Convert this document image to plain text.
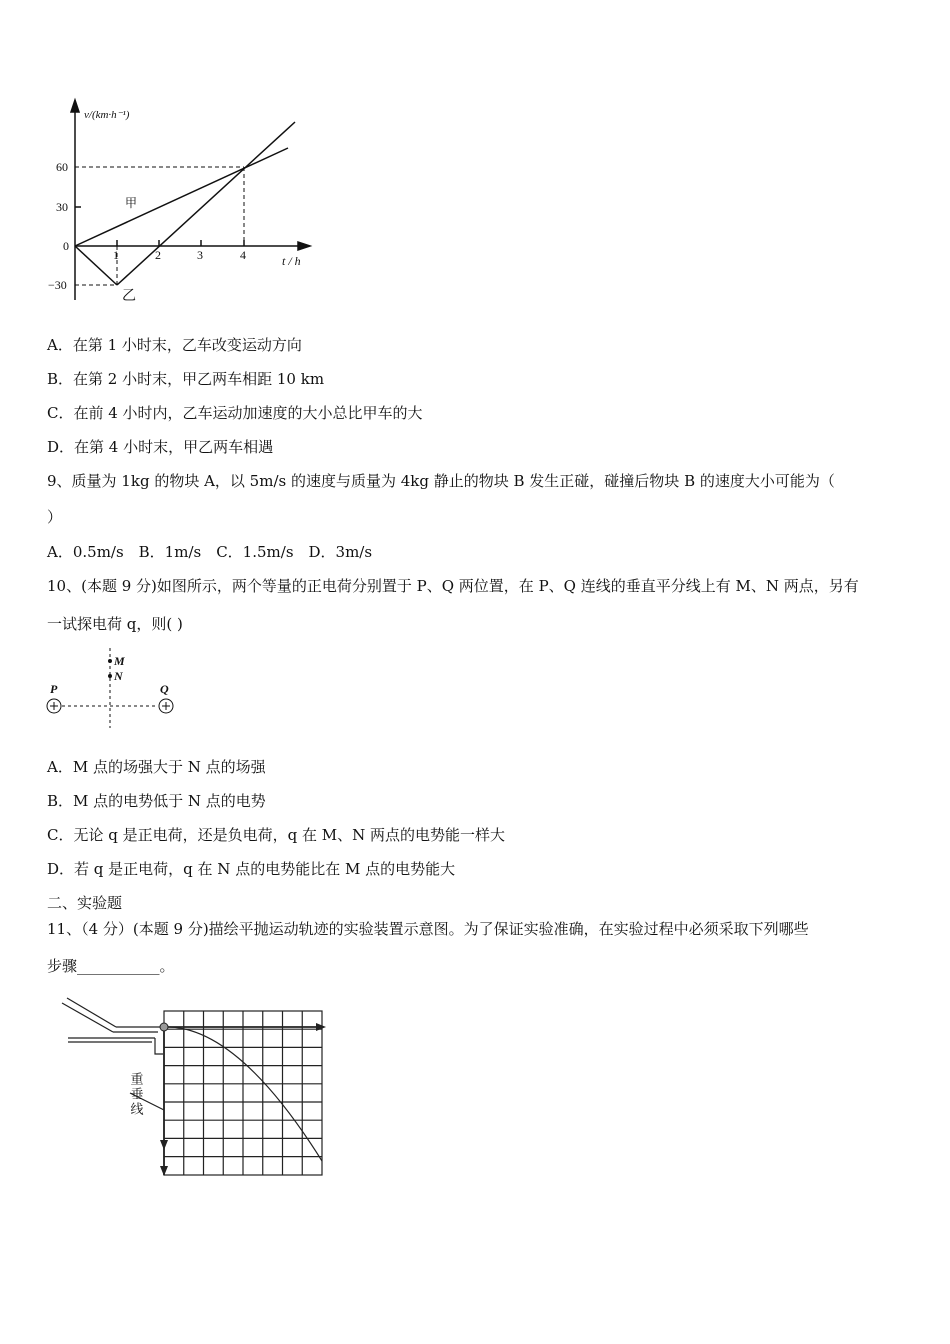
v/(km·h⁻¹)
60
30
0
−30
1	2	3	4	t / h
甲
乙
A．在第 1 小时末，乙车改变运动方向
B．在第 2 小时末，甲乙两车相距 10 km
C．在前 4 小时内，乙车运动加速度的大小总比甲车的大
D．在第 4 小时末，甲乙两车相遇
9、质量为 1kg 的物块 A，以 5m/s 的速度与质量为 4kg 静止的物块 B 发生正碰，碰撞后物块 B 的速度大小可能为（
）
A．0.5m/s　B．1m/s　C．1.5m/s　D．3m/s
10、(本题 9 分)如图所示，两个等量的正电荷分别置于 P、Q 两位置，在 P、Q 连线的垂直平分线上有 M、N 两点，另有
一试探电荷 q，则( )
M
N
P	Q
A．M 点的场强大于 N 点的场强
B．M 点的电势低于 N 点的电势
C．无论 q 是正电荷，还是负电荷，q 在 M、N 两点的电势能一样大
D．若 q 是正电荷，q 在 N 点的电势能比在 M 点的电势能大
二、实验题
11、（4 分）(本题 9 分)描绘平抛运动轨迹的实验装置示意图。为了保证实验准确，在实验过程中必须采取下列哪些
步骤___________。
重垂线
